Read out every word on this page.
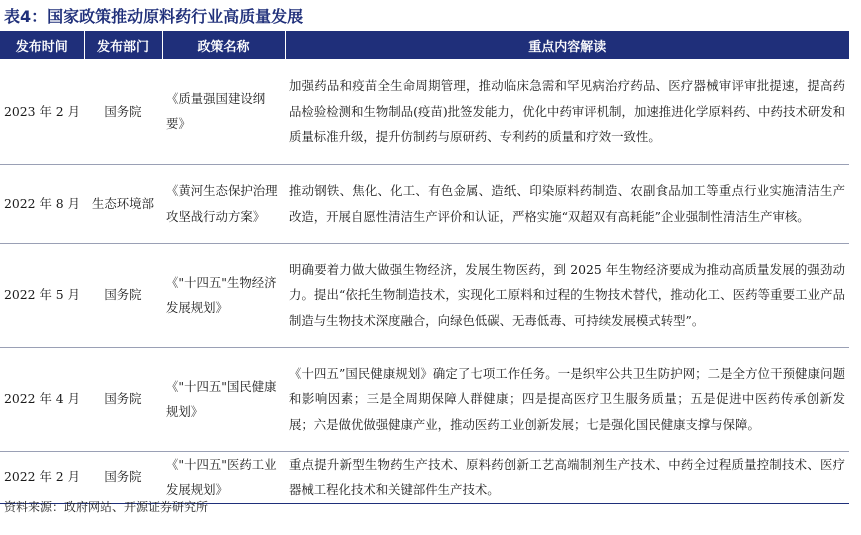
表4：国家政策推动原料药行业高质量发展
发布时间	发布部门	政策名称	重点内容解读
2023 年 2 月	国务院	《质量强国建设纲要》	加强药品和疫苗全生命周期管理，推动临床急需和罕见病治疗药品、医疗器械审评审批提速，提高药品检验检测和生物制品(疫苗)批签发能力，优化中药审评机制，加速推进化学原料药、中药技术研发和质量标准升级，提升仿制药与原研药、专利药的质量和疗效一致性。
2022 年 8 月	生态环境部	《黄河生态保护治理攻坚战行动方案》	推动钢铁、焦化、化工、有色金属、造纸、印染原料药制造、农副食品加工等重点行业实施清洁生产改造，开展自愿性清洁生产评价和认证，严格实施“双超双有高耗能”企业强制性清洁生产审核。
2022 年 5 月	国务院	《"十四五"生物经济发展规划》	明确要着力做大做强生物经济，发展生物医药，到 2025 年生物经济要成为推动高质量发展的强劲动力。提出“依托生物制造技术，实现化工原料和过程的生物技术替代，推动化工、医药等重要工业产品制造与生物技术深度融合，向绿色低碳、无毒低毒、可持续发展模式转型”。
2022 年 4 月	国务院	《"十四五"国民健康规划》	《十四五”国民健康规划》确定了七项工作任务。一是织牢公共卫生防护网；二是全方位干预健康问题和影响因素；三是全周期保障人群健康；四是提高医疗卫生服务质量；五是促进中医药传承创新发展；六是做优做强健康产业，推动医药工业创新发展；七是强化国民健康支撑与保障。
2022 年 2 月	国务院	《"十四五"医药工业发展规划》	重点提升新型生物药生产技术、原料药创新工艺高端制剂生产技术、中药全过程质量控制技术、医疗器械工程化技术和关键部件生产技术。
资料来源：政府网站、开源证券研究所
